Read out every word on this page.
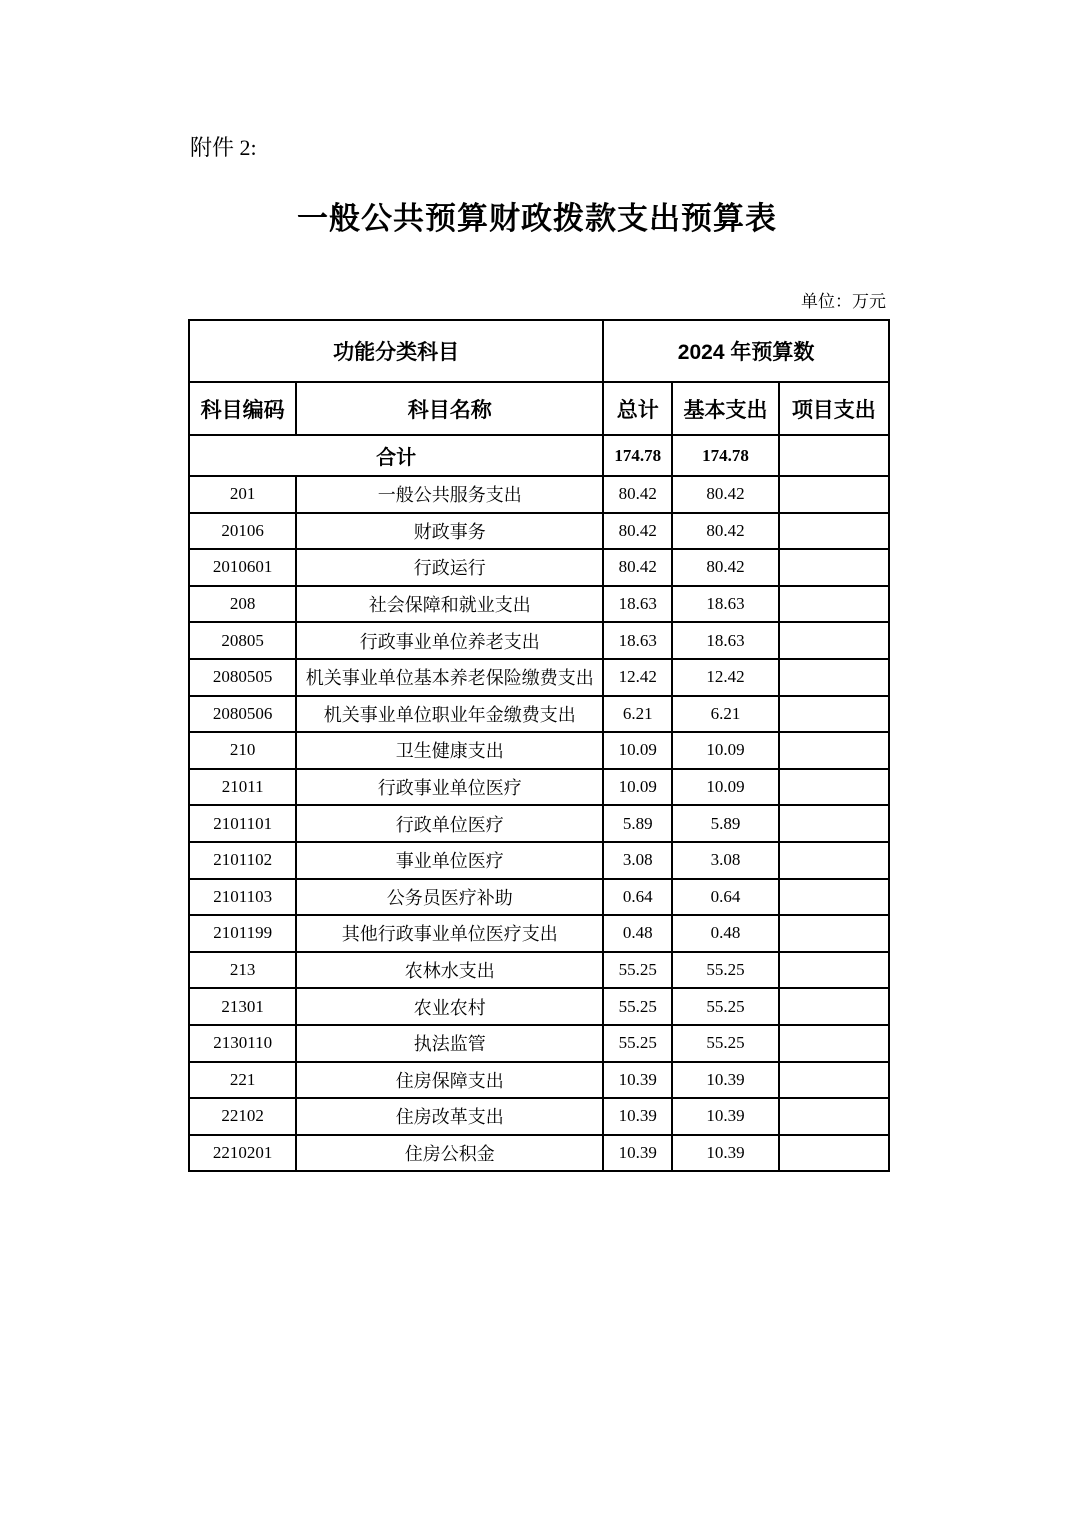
附件 2:
一般公共预算财政拨款支出预算表
单位：万元
功能分类科目		2024 年预算数		
科目编码	科目名称	总计	基本支出	项目支出
合计		174.78	174.78	
201	一般公共服务支出	80.42	80.42	
20106	财政事务	80.42	80.42	
2010601	行政运行	80.42	80.42	
208	社会保障和就业支出	18.63	18.63	
20805	行政事业单位养老支出	18.63	18.63	
2080505	机关事业单位基本养老保险缴费支出	12.42	12.42	
2080506	机关事业单位职业年金缴费支出	6.21	6.21	
210	卫生健康支出	10.09	10.09	
21011	行政事业单位医疗	10.09	10.09	
2101101	行政单位医疗	5.89	5.89	
2101102	事业单位医疗	3.08	3.08	
2101103	公务员医疗补助	0.64	0.64	
2101199	其他行政事业单位医疗支出	0.48	0.48	
213	农林水支出	55.25	55.25	
21301	农业农村	55.25	55.25	
2130110	执法监管	55.25	55.25	
221	住房保障支出	10.39	10.39	
22102	住房改革支出	10.39	10.39	
2210201	住房公积金	10.39	10.39	
